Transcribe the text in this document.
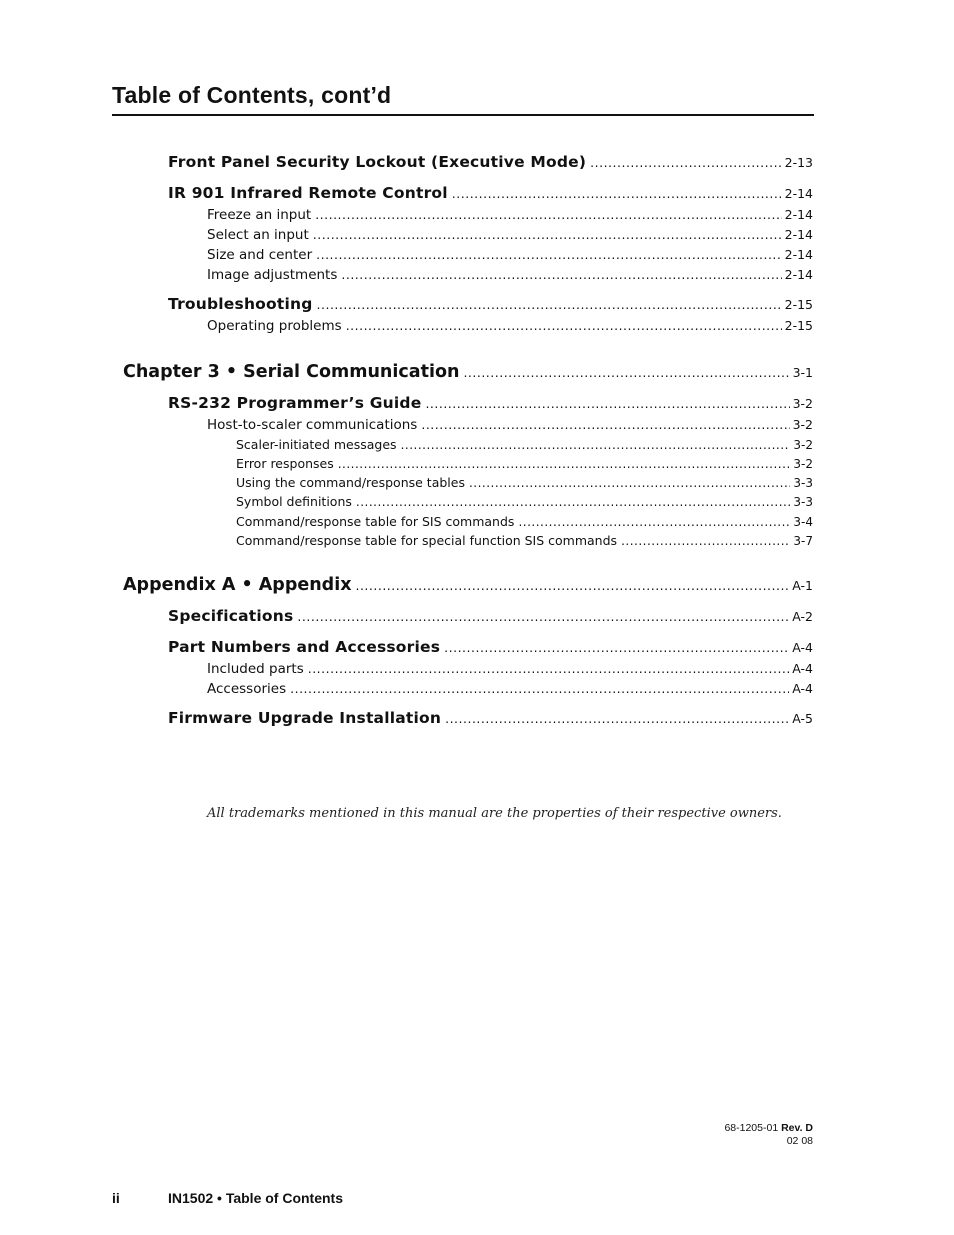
Table of Contents, cont’d
Front Panel Security Lockout (Executive Mode) .....	2-13
IR 901 Infrared Remote Control .....	2-14
Freeze an input .....	2-14
Select an input .....	2-14
Size and center .....	2-14
Image adjustments .....	2-14
Troubleshooting .....	2-15
Operating problems .....	2-15
Chapter 3 • Serial Communication .....	3-1
RS-232 Programmer’s Guide .....	3-2
Host-to-scaler communications .....	3-2
Scaler-initiated messages .....	3-2
Error responses .....	3-2
Using the command/response tables .....	3-3
Symbol definitions .....	3-3
Command/response table for SIS commands .....	3-4
Command/response table for special function SIS commands .....	3-7
Appendix A • Appendix .....	A-1
Specifications .....	A-2
Part Numbers and Accessories .....	A-4
Included parts .....	A-4
Accessories .....	A-4
Firmware Upgrade Installation .....	A-5

All trademarks mentioned in this manual are the properties of their respective owners.

68-1205-01 Rev. D
02 08
ii	IN1502 • Table of Contents
